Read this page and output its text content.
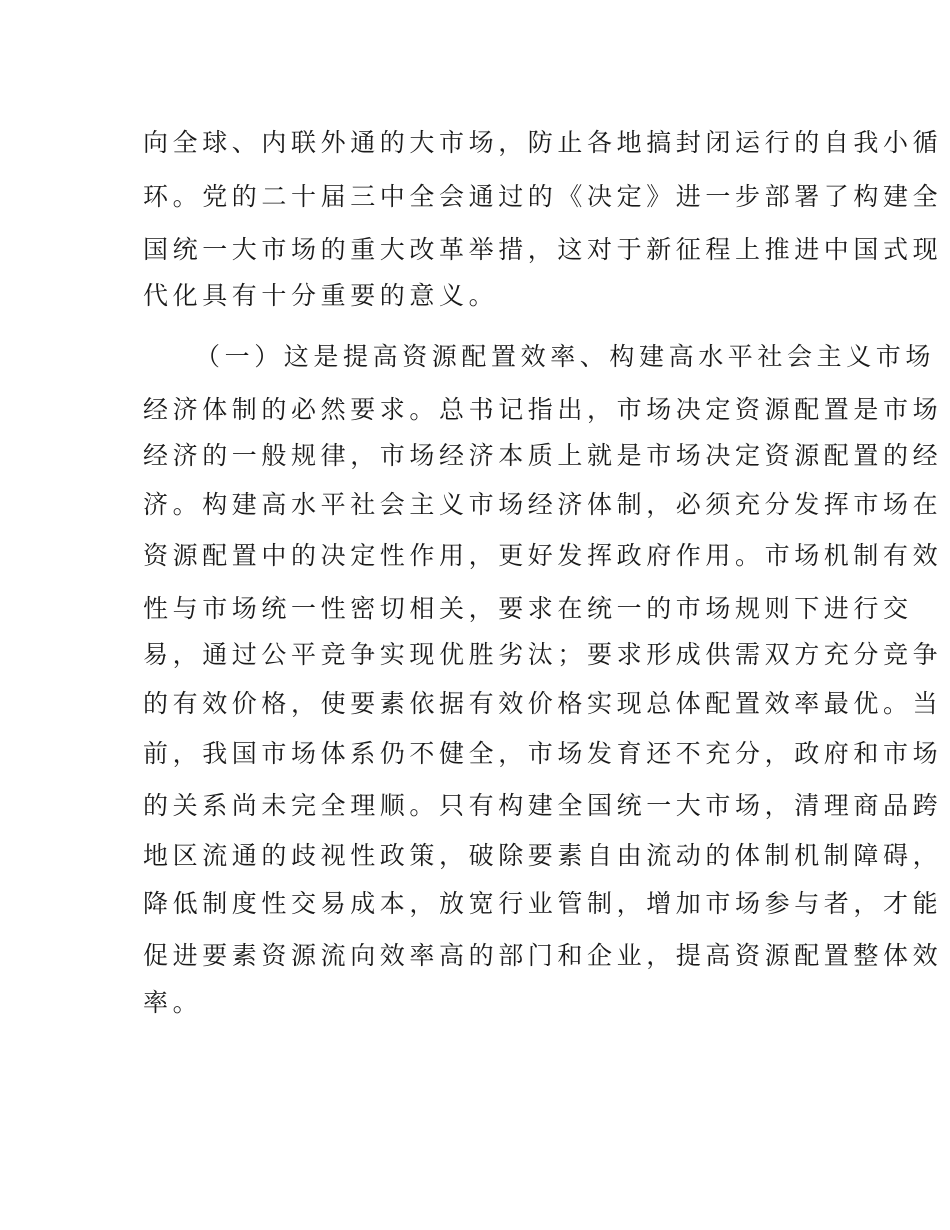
向全球、内联外通的大市场，防止各地搞封闭运行的自我小循

环。党的二十届三中全会通过的《决定》进一步部署了构建全

国统一大市场的重大改革举措，这对于新征程上推进中国式现

代化具有十分重要的意义。

（一）这是提高资源配置效率、构建高水平社会主义市场

经济体制的必然要求。总书记指出，市场决定资源配置是市场

经济的一般规律，市场经济本质上就是市场决定资源配置的经

济。构建高水平社会主义市场经济体制，必须充分发挥市场在

资源配置中的决定性作用，更好发挥政府作用。市场机制有效

性与市场统一性密切相关，要求在统一的市场规则下进行交

易，通过公平竞争实现优胜劣汰；要求形成供需双方充分竞争

的有效价格，使要素依据有效价格实现总体配置效率最优。当

前，我国市场体系仍不健全，市场发育还不充分，政府和市场

的关系尚未完全理顺。只有构建全国统一大市场，清理商品跨

地区流通的歧视性政策，破除要素自由流动的体制机制障碍，

降低制度性交易成本，放宽行业管制，增加市场参与者，才能

促进要素资源流向效率高的部门和企业，提高资源配置整体效

率。
